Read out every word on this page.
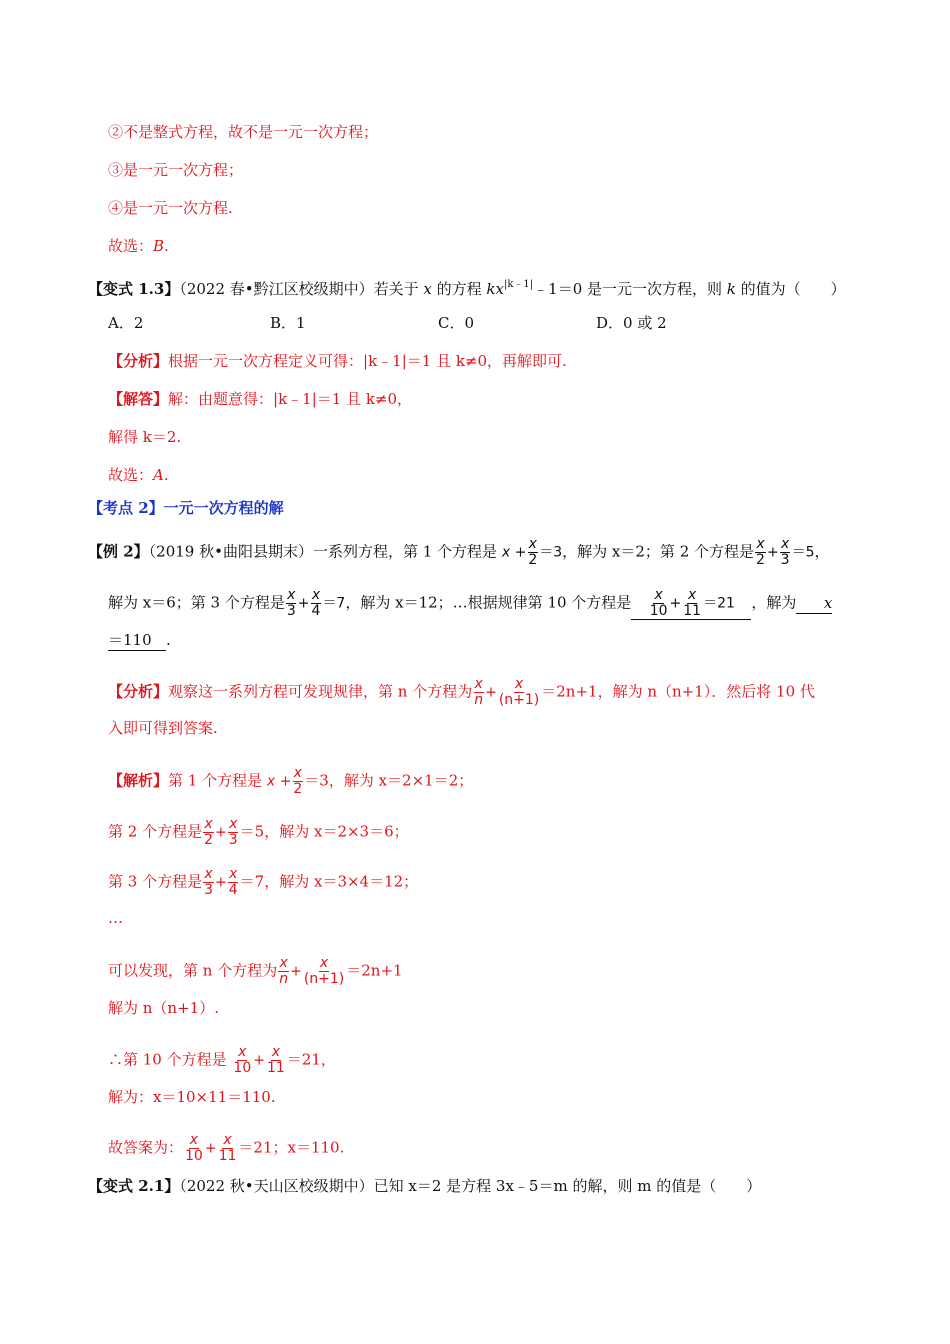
②不是整式方程，故不是一元一次方程；
③是一元一次方程；
④是一元一次方程.
故选：B.
【变式 1.3】（2022 春•黔江区校级期中）若关于 x 的方程 $kx^{|k﹣1|}﹣1=0$ 是一元一次方程，则 k 的值为（　　）
A．2	B．1	C．0	D．0 或 2
【分析】根据一元一次方程定义可得：|k﹣1|＝1 且 k≠0，再解即可.
【解答】解：由题意得：|k﹣1|＝1 且 k≠0，
解得 k＝2.
故选：A.
【考点 2】一元一次方程的解
【例 2】（2019 秋•曲阳县期末）一系列方程，第 1 个方程是 $x + \frac{x}{2} =3$，解为 x＝2；第 2 个方程是 $\frac{x}{2} + \frac{x}{3} =5$，
解为 x＝6；第 3 个方程是 $\frac{x}{3} + \frac{x}{4} =7$，解为 x＝12；…根据规律第 10 个方程是 $\frac{x}{10} + \frac{x}{11} =21$ ，解为 x
＝110 .
【分析】观察这一系列方程可发现规律，第 n 个方程为 $\frac{x}{n} + \frac{x}{(n+1)} =2n+1$，解为 n（n+1）．然后将 10 代
入即可得到答案.
【解析】第 1 个方程是 $x + \frac{x}{2} =3$，解为 x＝2×1＝2；
第 2 个方程是 $\frac{x}{2} + \frac{x}{3} =5$，解为 x＝2×3＝6；
第 3 个方程是 $\frac{x}{3} + \frac{x}{4} =7$，解为 x＝3×4＝12；
…
可以发现，第 n 个方程为 $\frac{x}{n} + \frac{x}{(n+1)} =2n+1$
解为 n（n+1）.
∴第 10 个方程是 $\frac{x}{10} + \frac{x}{11} =21$，
解为：x＝10×11＝110.
故答案为： $\frac{x}{10} + \frac{x}{11} =21$；x＝110.
【变式 2.1】（2022 秋•天山区校级期中）已知 x＝2 是方程 3x﹣5＝m 的解，则 m 的值是（　　）
